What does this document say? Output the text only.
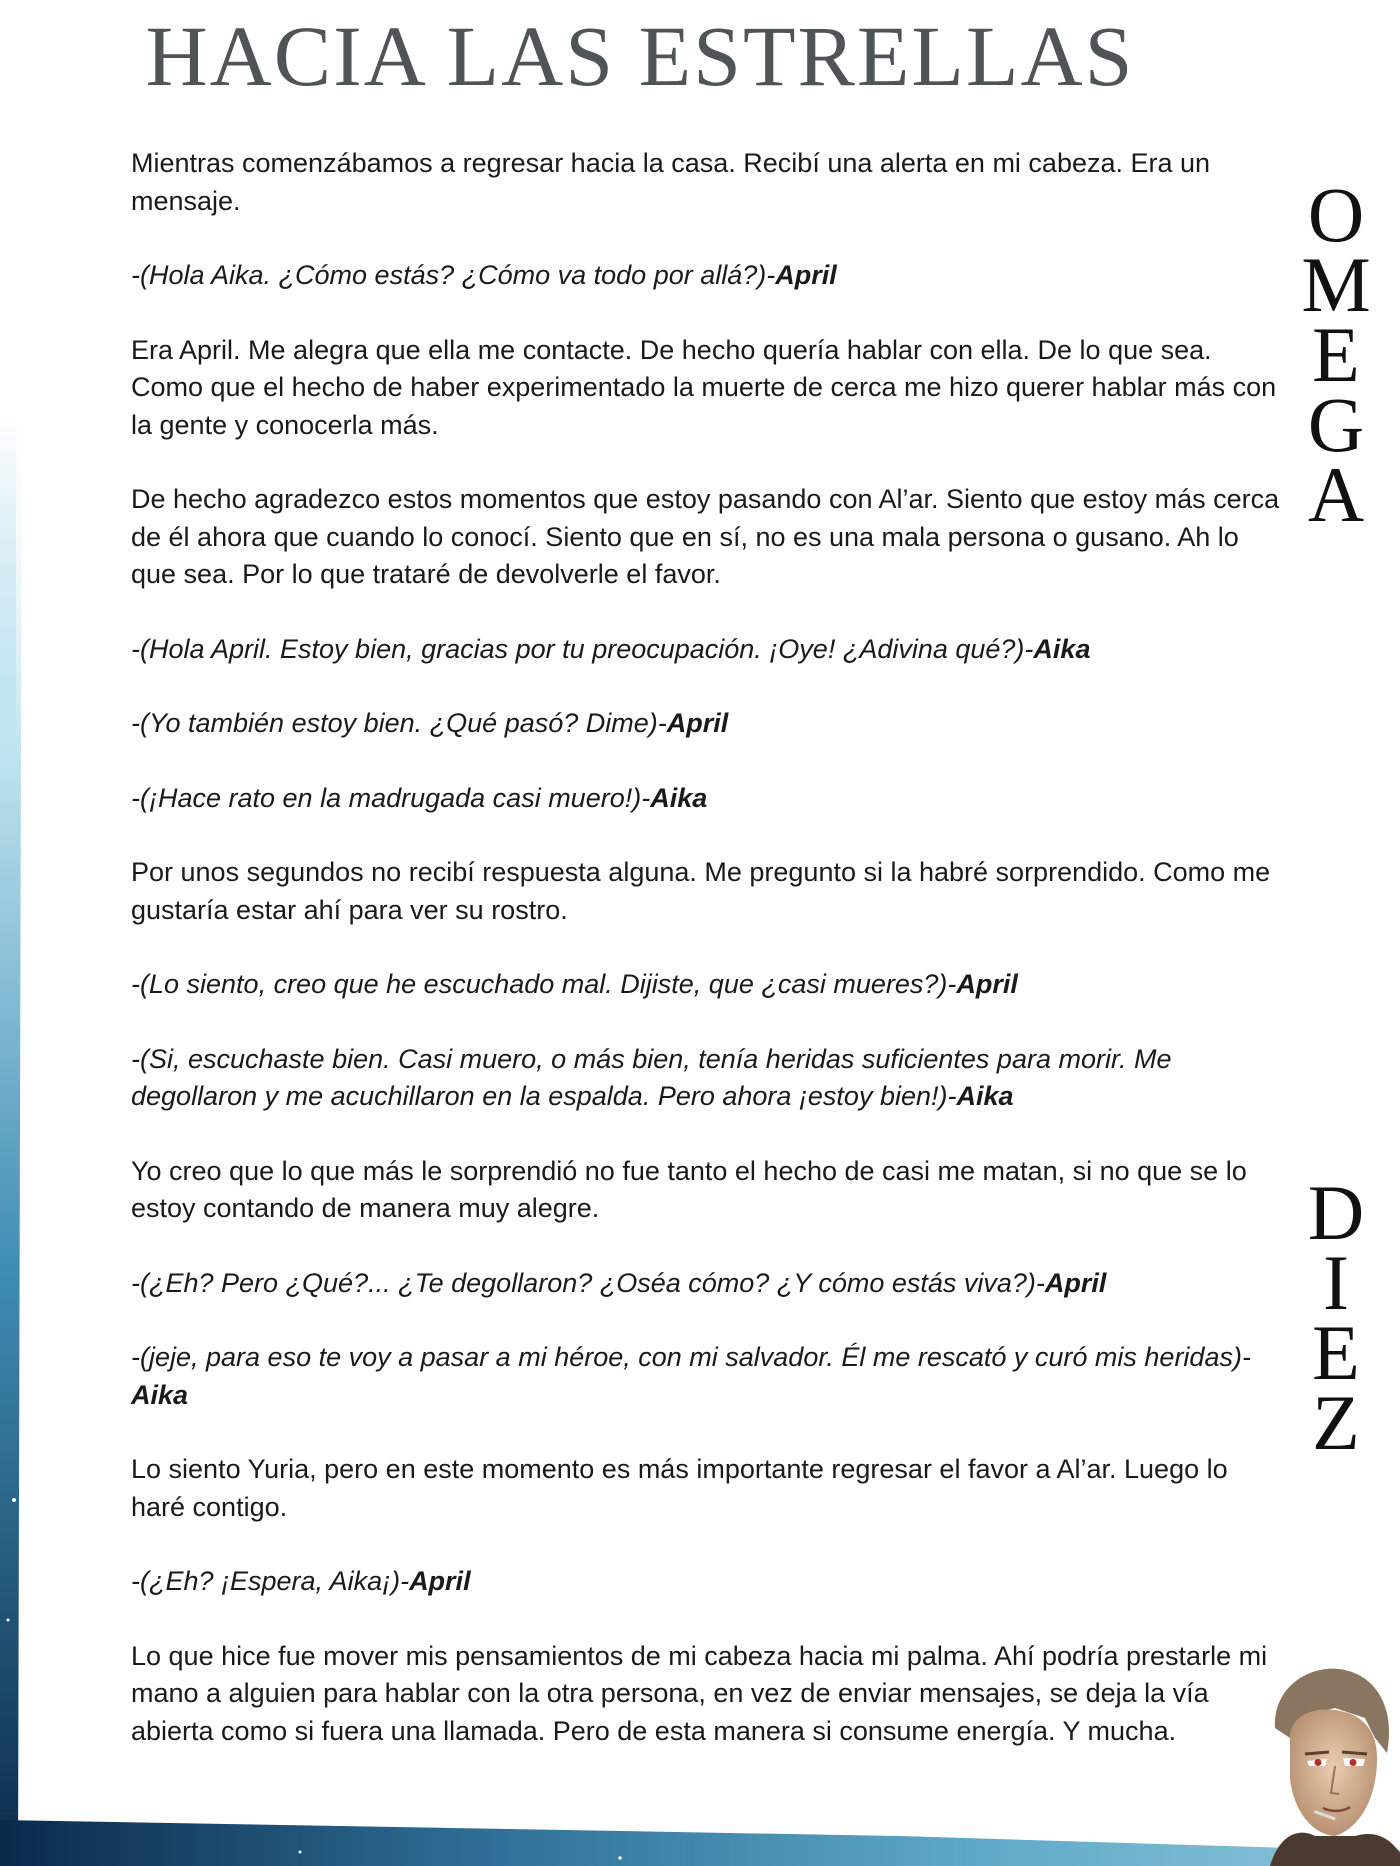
HACIA LAS ESTRELLAS
O
M
E
G
A
D
I
E
Z

Mientras comenzábamos a regresar hacia la casa. Recibí una alerta en mi cabeza. Era un mensaje.

-(Hola Aika. ¿Cómo estás? ¿Cómo va todo por allá?)-April

Era April. Me alegra que ella me contacte. De hecho quería hablar con ella. De lo que sea. Como que el hecho de haber experimentado la muerte de cerca me hizo querer hablar más con la gente y conocerla más.

De hecho agradezco estos momentos que estoy pasando con Al’ar. Siento que estoy más cerca de él ahora que cuando lo conocí. Siento que en sí, no es una mala persona o gusano. Ah lo que sea. Por lo que trataré de devolverle el favor.

-(Hola April. Estoy bien, gracias por tu preocupación. ¡Oye! ¿Adivina qué?)-Aika

-(Yo también estoy bien. ¿Qué pasó? Dime)-April

-(¡Hace rato en la madrugada casi muero!)-Aika

Por unos segundos no recibí respuesta alguna. Me pregunto si la habré sorprendido. Como me gustaría estar ahí para ver su rostro.

-(Lo siento, creo que he escuchado mal. Dijiste, que ¿casi mueres?)-April

-(Si, escuchaste bien. Casi muero, o más bien, tenía heridas suficientes para morir. Me degollaron y me acuchillaron en la espalda. Pero ahora ¡estoy bien!)-Aika

Yo creo que lo que más le sorprendió no fue tanto el hecho de casi me matan, si no que se lo estoy contando de manera muy alegre.

-(¿Eh? Pero ¿Qué?... ¿Te degollaron? ¿Oséa cómo? ¿Y cómo estás viva?)-April

-(jeje, para eso te voy a pasar a mi héroe, con mi salvador. Él me rescató y curó mis heridas)-Aika

Lo siento Yuria, pero en este momento es más importante regresar el favor a Al’ar. Luego lo haré contigo.

-(¿Eh? ¡Espera, Aika¡)-April

Lo que hice fue mover mis pensamientos de mi cabeza hacia mi palma. Ahí podría prestarle mi mano a alguien para hablar con la otra persona, en vez de enviar mensajes, se deja la vía abierta como si fuera una llamada. Pero de esta manera si consume energía. Y mucha.
